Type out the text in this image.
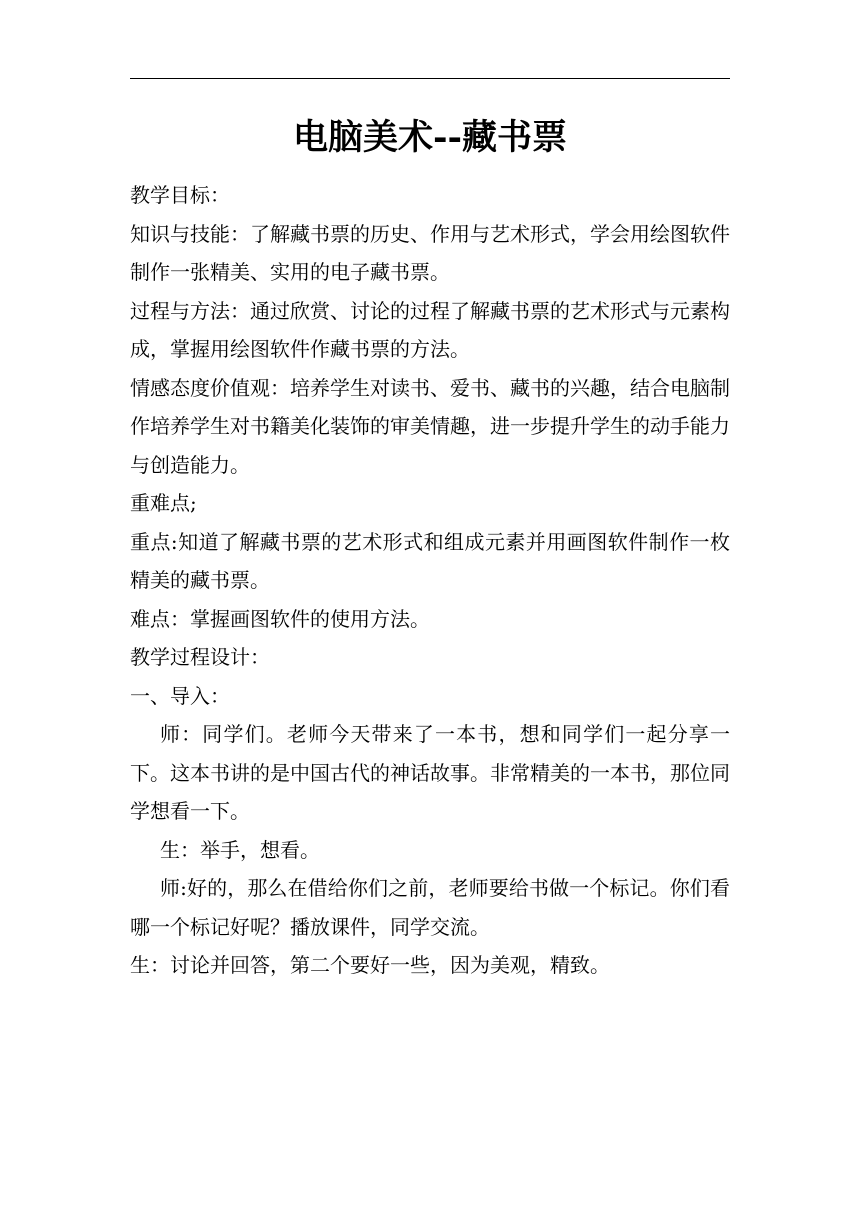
电脑美术--藏书票

教学目标：

知识与技能：了解藏书票的历史、作用与艺术形式，学会用绘图软件制作一张精美、实用的电子藏书票。

过程与方法：通过欣赏、讨论的过程了解藏书票的艺术形式与元素构成，掌握用绘图软件作藏书票的方法。

情感态度价值观：培养学生对读书、爱书、藏书的兴趣，结合电脑制作培养学生对书籍美化装饰的审美情趣，进一步提升学生的动手能力与创造能力。

重难点;

重点:知道了解藏书票的艺术形式和组成元素并用画图软件制作一枚精美的藏书票。

难点：掌握画图软件的使用方法。

教学过程设计：

一、导入：

师：同学们。老师今天带来了一本书，想和同学们一起分享一下。这本书讲的是中国古代的神话故事。非常精美的一本书，那位同学想看一下。

生：举手，想看。

师:好的，那么在借给你们之前，老师要给书做一个标记。你们看哪一个标记好呢？播放课件，同学交流。

生：讨论并回答，第二个要好一些，因为美观，精致。
